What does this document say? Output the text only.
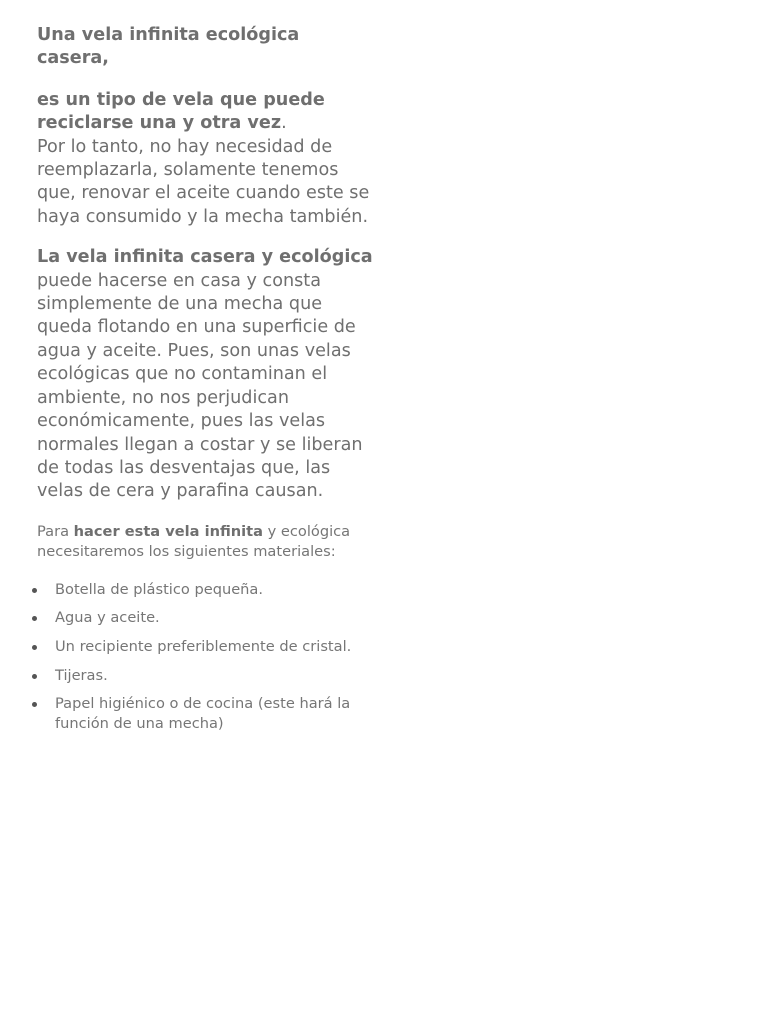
Una vela infinita ecológica casera,

es un tipo de vela que puede reciclarse una y otra vez.
Por lo tanto, no hay necesidad de reemplazarla, solamente tenemos que, renovar el aceite cuando este se haya consumido y la mecha también.

La vela infinita casera y ecológica
puede hacerse en casa y consta simplemente de una mecha que queda flotando en una superficie de agua y aceite. Pues, son unas velas ecológicas que no contaminan el ambiente, no nos perjudican económicamente, pues las velas normales llegan a costar y se liberan de todas las desventajas que, las velas de cera y parafina causan.

Para hacer esta vela infinita y ecológica necesitaremos los siguientes materiales:

Botella de plástico pequeña.
Agua y aceite.
Un recipiente preferiblemente de cristal.
Tijeras.
Papel higiénico o de cocina (este hará la función de una mecha)
